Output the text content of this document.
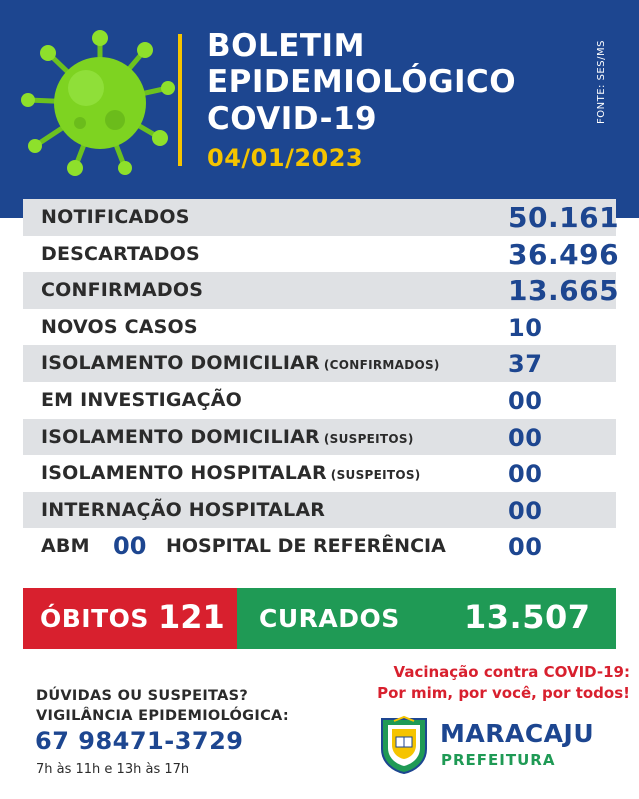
BOLETIM
EPIDEMIOLÓGICO
COVID-19
04/01/2023
FONTE: SES/MS
NOTIFICADOS	50.161
DESCARTADOS	36.496
CONFIRMADOS	13.665
NOVOS CASOS	10
ISOLAMENTO DOMICILIAR (CONFIRMADOS)	37
EM INVESTIGAÇÃO	00
ISOLAMENTO DOMICILIAR (SUSPEITOS)	00
ISOLAMENTO HOSPITALAR (SUSPEITOS)	00
INTERNAÇÃO HOSPITALAR	00
ABM 00 HOSPITAL DE REFERÊNCIA	00
ÓBITOS 121 CURADOS 13.507
Vacinação contra COVID-19:
Por mim, por você, por todos!
DÚVIDAS OU SUSPEITAS?
VIGILÂNCIA EPIDEMIOLÓGICA:
67 98471-3729
7h às 11h e 13h às 17h
MARACAJU
PREFEITURA
